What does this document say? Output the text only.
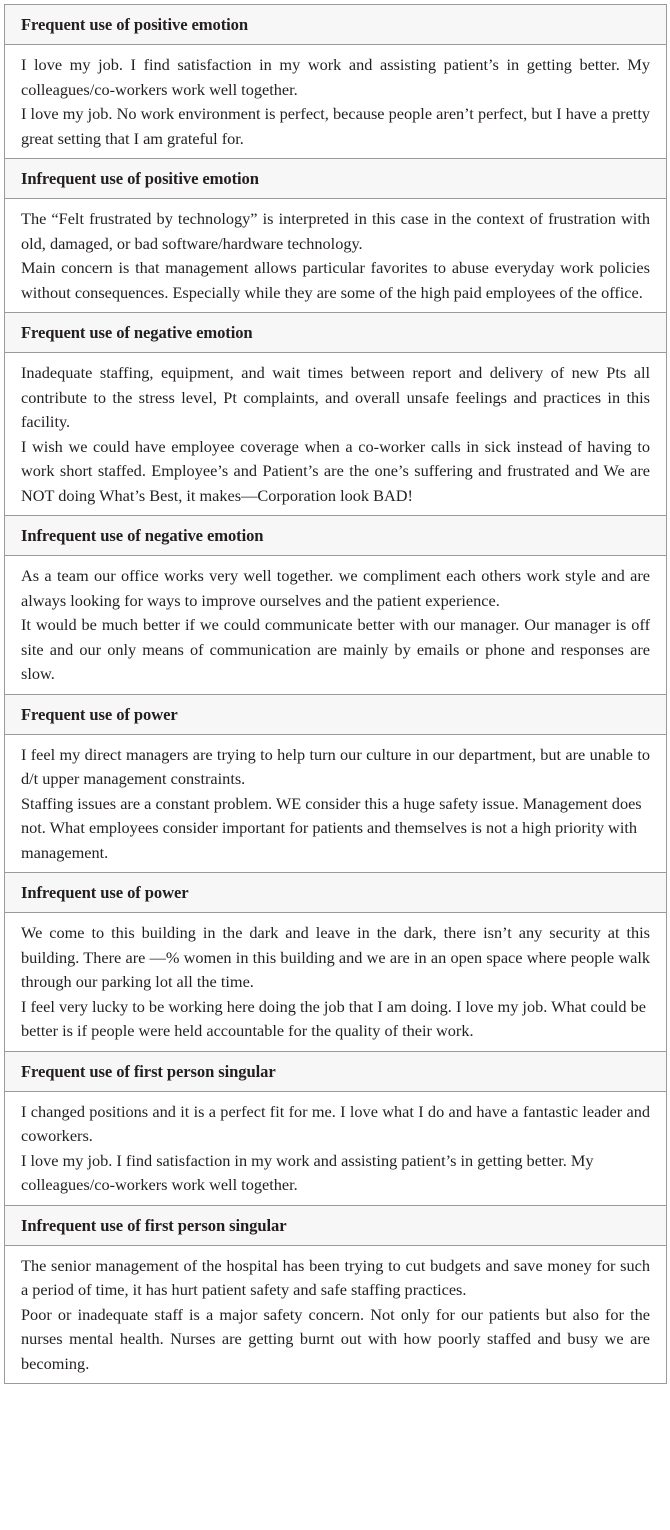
Frequent use of positive emotion

I love my job. I find satisfaction in my work and assisting patient’s in getting better. My colleagues/co-workers work well together.

I love my job. No work environment is perfect, because people aren’t perfect, but I have a pretty great setting that I am grateful for.

Infrequent use of positive emotion

The “Felt frustrated by technology” is interpreted in this case in the context of frustration with old, damaged, or bad software/hardware technology.

Main concern is that management allows particular favorites to abuse everyday work policies without consequences. Especially while they are some of the high paid employees of the office.

Frequent use of negative emotion

Inadequate staffing, equipment, and wait times between report and delivery of new Pts all contribute to the stress level, Pt complaints, and overall unsafe feelings and practices in this facility.

I wish we could have employee coverage when a co-worker calls in sick instead of having to work short staffed. Employee’s and Patient’s are the one’s suffering and frustrated and We are NOT doing What’s Best, it makes—Corporation look BAD!

Infrequent use of negative emotion

As a team our office works very well together. we compliment each others work style and are always looking for ways to improve ourselves and the patient experience.

It would be much better if we could communicate better with our manager. Our manager is off site and our only means of communication are mainly by emails or phone and responses are slow.

Frequent use of power

I feel my direct managers are trying to help turn our culture in our department, but are unable to d/t upper management constraints.

Staffing issues are a constant problem. WE consider this a huge safety issue. Management does not. What employees consider important for patients and themselves is not a high priority with management.

Infrequent use of power

We come to this building in the dark and leave in the dark, there isn’t any security at this building. There are —% women in this building and we are in an open space where people walk through our parking lot all the time.

I feel very lucky to be working here doing the job that I am doing. I love my job. What could be better is if people were held accountable for the quality of their work.

Frequent use of first person singular

I changed positions and it is a perfect fit for me. I love what I do and have a fantastic leader and coworkers.

I love my job. I find satisfaction in my work and assisting patient’s in getting better. My colleagues/co-workers work well together.

Infrequent use of first person singular

The senior management of the hospital has been trying to cut budgets and save money for such a period of time, it has hurt patient safety and safe staffing practices.

Poor or inadequate staff is a major safety concern. Not only for our patients but also for the nurses mental health. Nurses are getting burnt out with how poorly staffed and busy we are becoming.
